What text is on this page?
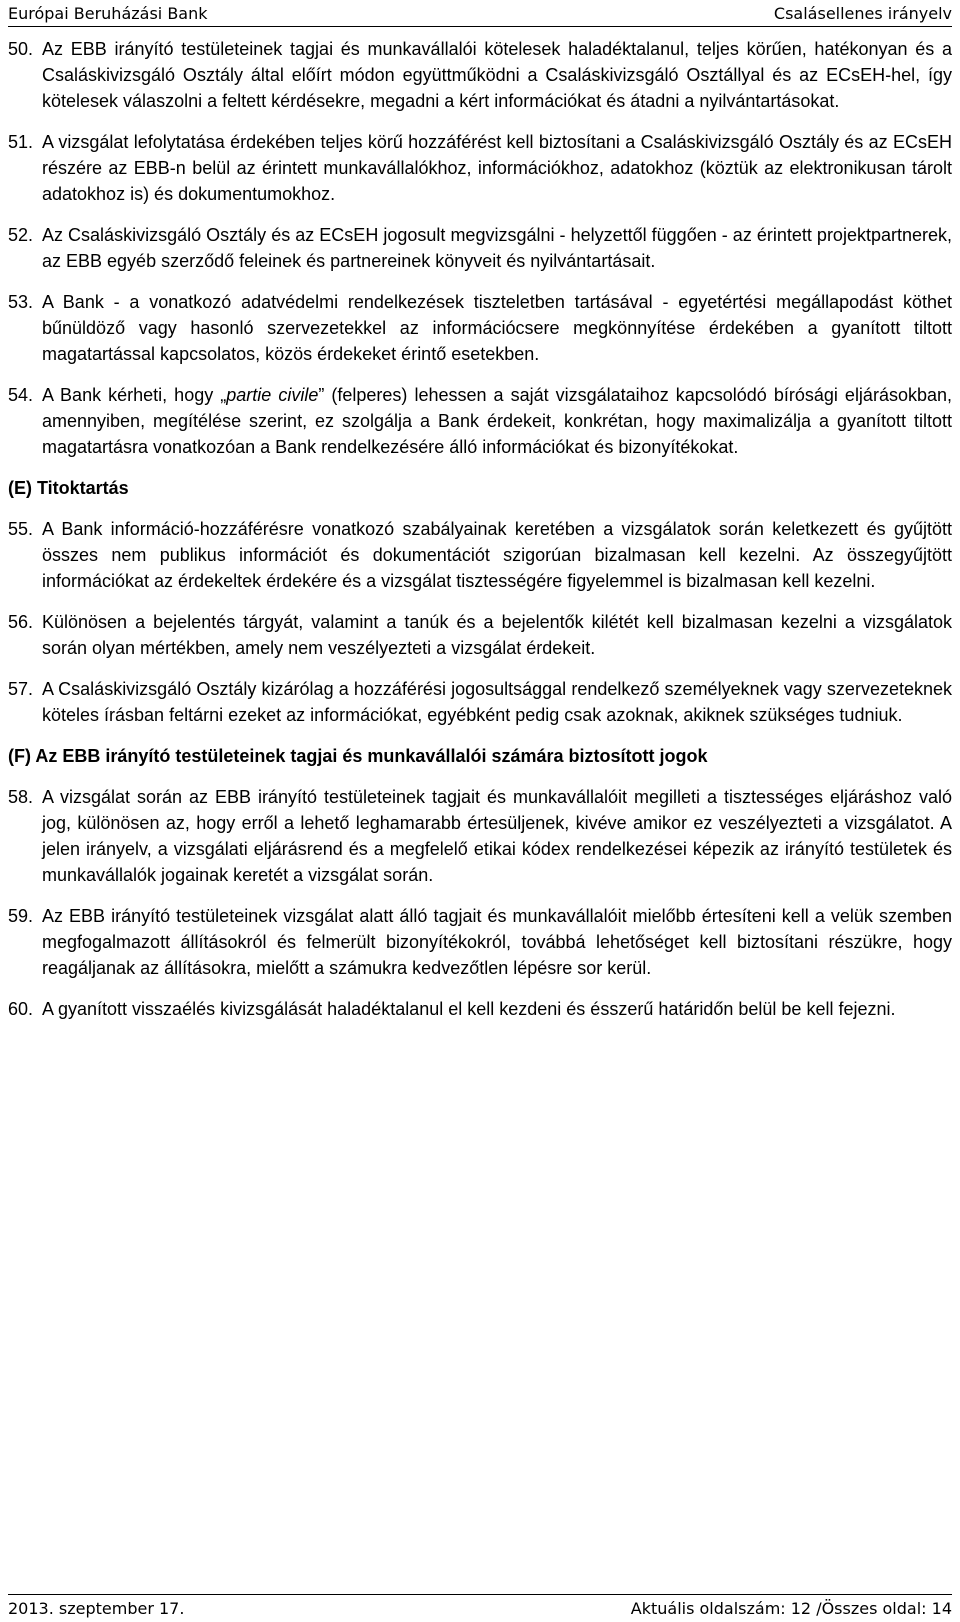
Európai Beruházási Bank	Csalásellenes irányelv
50. Az EBB irányító testületeinek tagjai és munkavállalói kötelesek haladéktalanul, teljes körűen, hatékonyan és a Csaláskivizsgáló Osztály által előírt módon együttműködni a Csaláskivizsgáló Osztállyal és az ECsEH-hel, így kötelesek válaszolni a feltett kérdésekre, megadni a kért információkat és átadni a nyilvántartásokat.
51. A vizsgálat lefolytatása érdekében teljes körű hozzáférést kell biztosítani a Csaláskivizsgáló Osztály és az ECsEH részére az EBB-n belül az érintett munkavállalókhoz, információkhoz, adatokhoz (köztük az elektronikusan tárolt adatokhoz is) és dokumentumokhoz.
52. Az Csaláskivizsgáló Osztály és az ECsEH jogosult megvizsgálni - helyzettől függően - az érintett projektpartnerek, az EBB egyéb szerződő feleinek és partnereinek könyveit és nyilvántartásait.
53. A Bank - a vonatkozó adatvédelmi rendelkezések tiszteletben tartásával - egyetértési megállapodást köthet bűnüldöző vagy hasonló szervezetekkel az információcsere megkönnyítése érdekében a gyanított tiltott magatartással kapcsolatos, közös érdekeket érintő esetekben.
54. A Bank kérheti, hogy „partie civile” (felperes) lehessen a saját vizsgálataihoz kapcsolódó bírósági eljárásokban, amennyiben, megítélése szerint, ez szolgálja a Bank érdekeit, konkrétan, hogy maximalizálja a gyanított tiltott magatartásra vonatkozóan a Bank rendelkezésére álló információkat és bizonyítékokat.
(E) Titoktartás
55. A Bank információ-hozzáférésre vonatkozó szabályainak keretében a vizsgálatok során keletkezett és gyűjtött összes nem publikus információt és dokumentációt szigorúan bizalmasan kell kezelni. Az összegyűjtött információkat az érdekeltek érdekére és a vizsgálat tisztességére figyelemmel is bizalmasan kell kezelni.
56. Különösen a bejelentés tárgyát, valamint a tanúk és a bejelentők kilétét kell bizalmasan kezelni a vizsgálatok során olyan mértékben, amely nem veszélyezteti a vizsgálat érdekeit.
57. A Csaláskivizsgáló Osztály kizárólag a hozzáférési jogosultsággal rendelkező személyeknek vagy szervezeteknek köteles írásban feltárni ezeket az információkat, egyébként pedig csak azoknak, akiknek szükséges tudniuk.
(F) Az EBB irányító testületeinek tagjai és munkavállalói számára biztosított jogok
58. A vizsgálat során az EBB irányító testületeinek tagjait és munkavállalóit megilleti a tisztességes eljáráshoz való jog, különösen az, hogy erről a lehető leghamarabb értesüljenek, kivéve amikor ez veszélyezteti a vizsgálatot. A jelen irányelv, a vizsgálati eljárásrend és a megfelelő etikai kódex rendelkezései képezik az irányító testületek és munkavállalók jogainak keretét a vizsgálat során.
59. Az EBB irányító testületeinek vizsgálat alatt álló tagjait és munkavállalóit mielőbb értesíteni kell a velük szemben megfogalmazott állításokról és felmerült bizonyítékokról, továbbá lehetőséget kell biztosítani részükre, hogy reagáljanak az állításokra, mielőtt a számukra kedvezőtlen lépésre sor kerül.
60. A gyanított visszaélés kivizsgálását haladéktalanul el kell kezdeni és ésszerű határidőn belül be kell fejezni.
2013. szeptember 17.	Aktuális oldalszám: 12 /Összes oldal: 14
